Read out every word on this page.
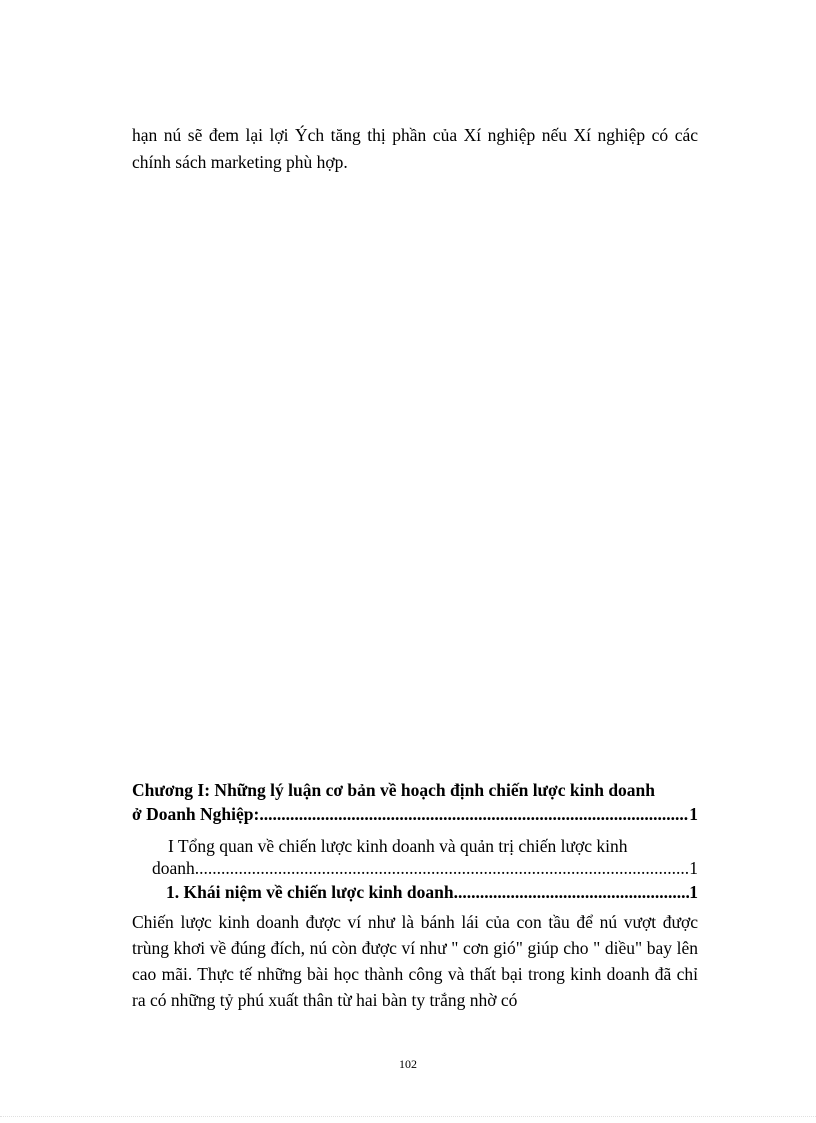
hạn nú sẽ đem lại lợi Ých tăng thị phần của Xí nghiệp nếu Xí nghiệp có các chính sách marketing phù hợp.

Chương I: Những lý luận cơ bản về hoạch định chiến lược kinh doanh
ở Doanh Nghiệp: .....	1
I Tổng quan về chiến lược kinh doanh và quản trị chiến lược kinh
doanh .....	1
1. Khái niệm về chiến lược kinh doanh .....	1

Chiến lược kinh doanh được ví như là bánh lái của con tầu để nú vượt được trùng khơi về đúng đích, nú còn được ví như " cơn gió" giúp cho " diều" bay lên cao mãi. Thực tế những bài học thành công và thất bại trong kinh doanh đã chỉ ra có những tỷ phú xuất thân từ hai bàn ty trắng nhờ có

102
